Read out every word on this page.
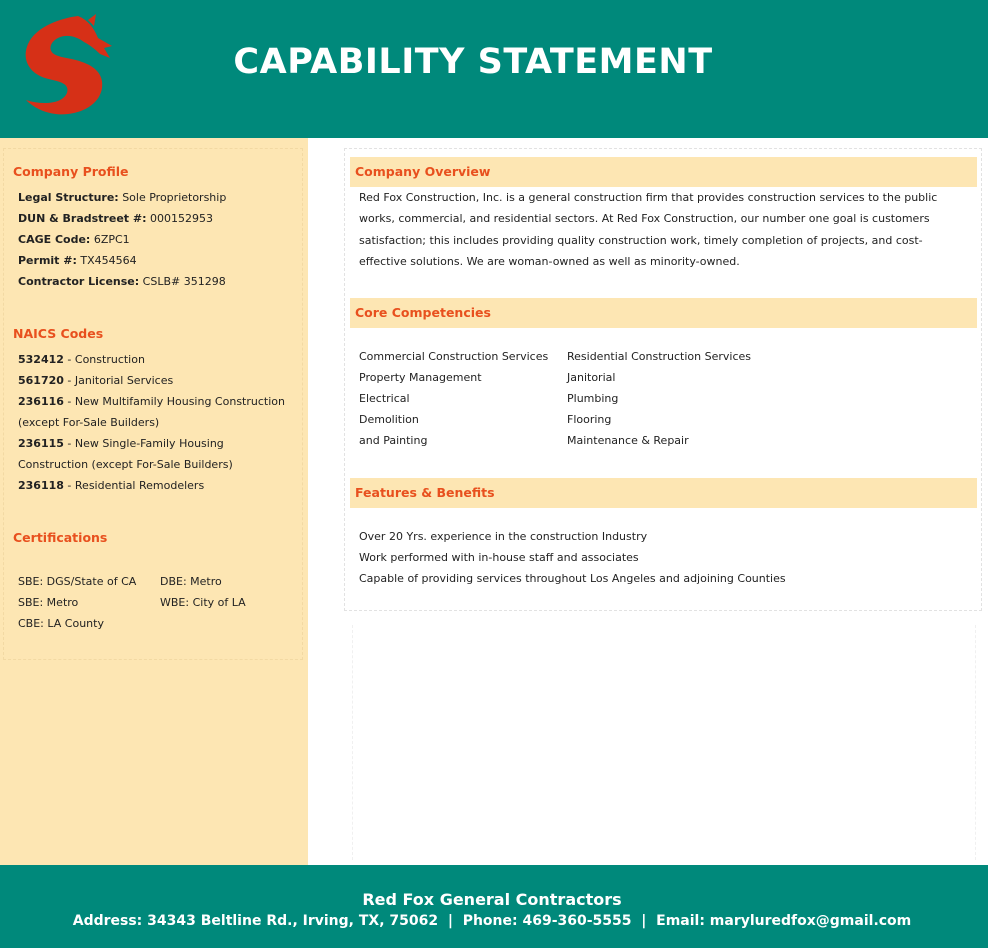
CAPABILITY STATEMENT
Company Profile
Legal Structure: Sole Proprietorship
DUN & Bradstreet #: 000152953
CAGE Code: 6ZPC1
Permit #: TX454564
Contractor License: CSLB# 351298
NAICS Codes
532412 - Construction
561720 - Janitorial Services
236116 - New Multifamily Housing Construction (except For-Sale Builders)
236115 - New Single-Family Housing Construction (except For-Sale Builders)
236118 - Residential Remodelers
Certifications
SBE: DGS/State of CA DBE: Metro
SBE: Metro	WBE: City of LA
CBE: LA County
Company Overview
Red Fox Construction, Inc. is a general construction firm that provides construction services to the public works, commercial, and residential sectors. At Red Fox Construction, our number one goal is customers satisfaction; this includes providing quality construction work, timely completion of projects, and cost-effective solutions. We are woman-owned as well as minority-owned.
Core Competencies
Commercial Construction Services
Property Management
Electrical
Demolition
and Painting
Residential Construction Services
Janitorial
Plumbing
Flooring
Maintenance & Repair
Features & Benefits
Over 20 Yrs. experience in the construction Industry
Work performed with in-house staff and associates
Capable of providing services throughout Los Angeles and adjoining Counties
Red Fox General Contractors
Address: 34343 Beltline Rd., Irving, TX, 75062  |  Phone: 469-360-5555  |  Email: maryluredfox@gmail.com
